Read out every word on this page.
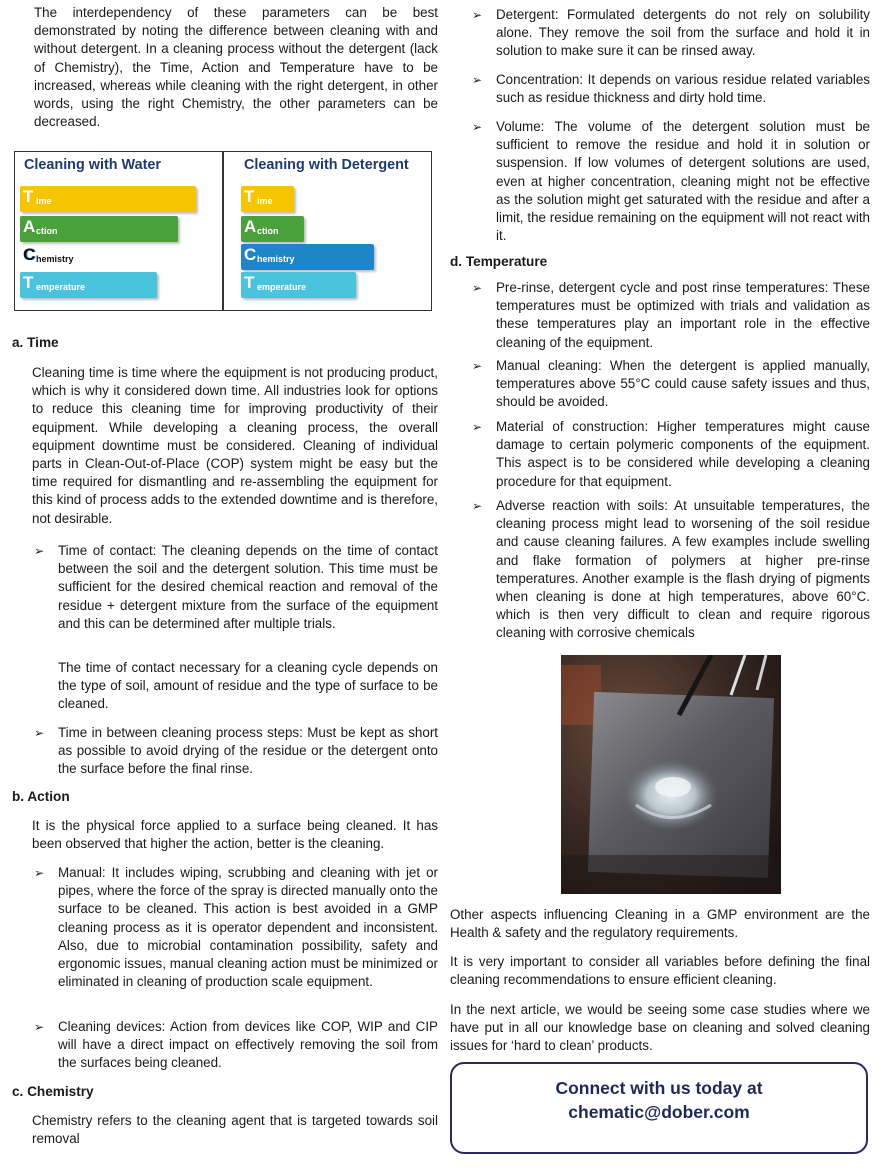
The interdependency of these parameters can be best demonstrated by noting the difference between cleaning with and without detergent. In a cleaning process without the detergent (lack of Chemistry), the Time, Action and Temperature have to be increased, whereas while cleaning with the right detergent, in other words, using the right Chemistry, the other parameters can be decreased.

Cleaning with Water	Cleaning with Detergent
T ime
A ction
C hemistry
T emperature
T ime
A ction
C hemistry
T emperature
a. Time

Cleaning time is time where the equipment is not producing product, which is why it considered down time. All industries look for options to reduce this cleaning time for improving productivity of their equipment. While developing a cleaning process, the overall equipment downtime must be considered. Cleaning of individual parts in Clean-Out-of-Place (COP) system might be easy but the time required for dismantling and re-assembling the equipment for this kind of process adds to the extended downtime and is therefore, not desirable.

➢ Time of contact: The cleaning depends on the time of contact between the soil and the detergent solution. This time must be sufficient for the desired chemical reaction and removal of the residue + detergent mixture from the surface of the equipment and this can be determined after multiple trials.

The time of contact necessary for a cleaning cycle depends on the type of soil, amount of residue and the type of surface to be cleaned.

➢ Time in between cleaning process steps: Must be kept as short as possible to avoid drying of the residue or the detergent onto the surface before the final rinse.
b. Action

It is the physical force applied to a surface being cleaned. It has been observed that higher the action, better is the cleaning.

➢ Manual: It includes wiping, scrubbing and cleaning with jet or pipes, where the force of the spray is directed manually onto the surface to be cleaned. This action is best avoided in a GMP cleaning process as it is operator dependent and inconsistent. Also, due to microbial contamination possibility, safety and ergonomic issues, manual cleaning action must be minimized or eliminated in cleaning of production scale equipment.
➢ Cleaning devices: Action from devices like COP, WIP and CIP will have a direct impact on effectively removing the soil from the surfaces being cleaned.
c. Chemistry

Chemistry refers to the cleaning agent that is targeted towards soil removal

➢ Detergent: Formulated detergents do not rely on solubility alone. They remove the soil from the surface and hold it in solution to make sure it can be rinsed away.
➢ Concentration: It depends on various residue related variables such as residue thickness and dirty hold time.
➢ Volume: The volume of the detergent solution must be sufficient to remove the residue and hold it in solution or suspension. If low volumes of detergent solutions are used, even at higher concentration, cleaning might not be effective as the solution might get saturated with the residue and after a limit, the residue remaining on the equipment will not react with it.
d. Temperature
➢ Pre-rinse, detergent cycle and post rinse temperatures: These temperatures must be optimized with trials and validation as these temperatures play an important role in the effective cleaning of the equipment.
➢ Manual cleaning: When the detergent is applied manually, temperatures above 55°C could cause safety issues and thus, should be avoided.
➢ Material of construction: Higher temperatures might cause damage to certain polymeric components of the equipment. This aspect is to be considered while developing a cleaning procedure for that equipment.
➢ Adverse reaction with soils: At unsuitable temperatures, the cleaning process might lead to worsening of the soil residue and cause cleaning failures. A few examples include swelling and flake formation of polymers at higher pre-rinse temperatures. Another example is the flash drying of pigments when cleaning is done at high temperatures, above 60°C. which is then very difficult to clean and require rigorous cleaning with corrosive chemicals

Other aspects influencing Cleaning in a GMP environment are the Health & safety and the regulatory requirements.

It is very important to consider all variables before defining the final cleaning recommendations to ensure efficient cleaning.

In the next article, we would be seeing some case studies where we have put in all our knowledge base on cleaning and solved cleaning issues for ‘hard to clean’ products.

Connect with us today at
chematic@dober.com
